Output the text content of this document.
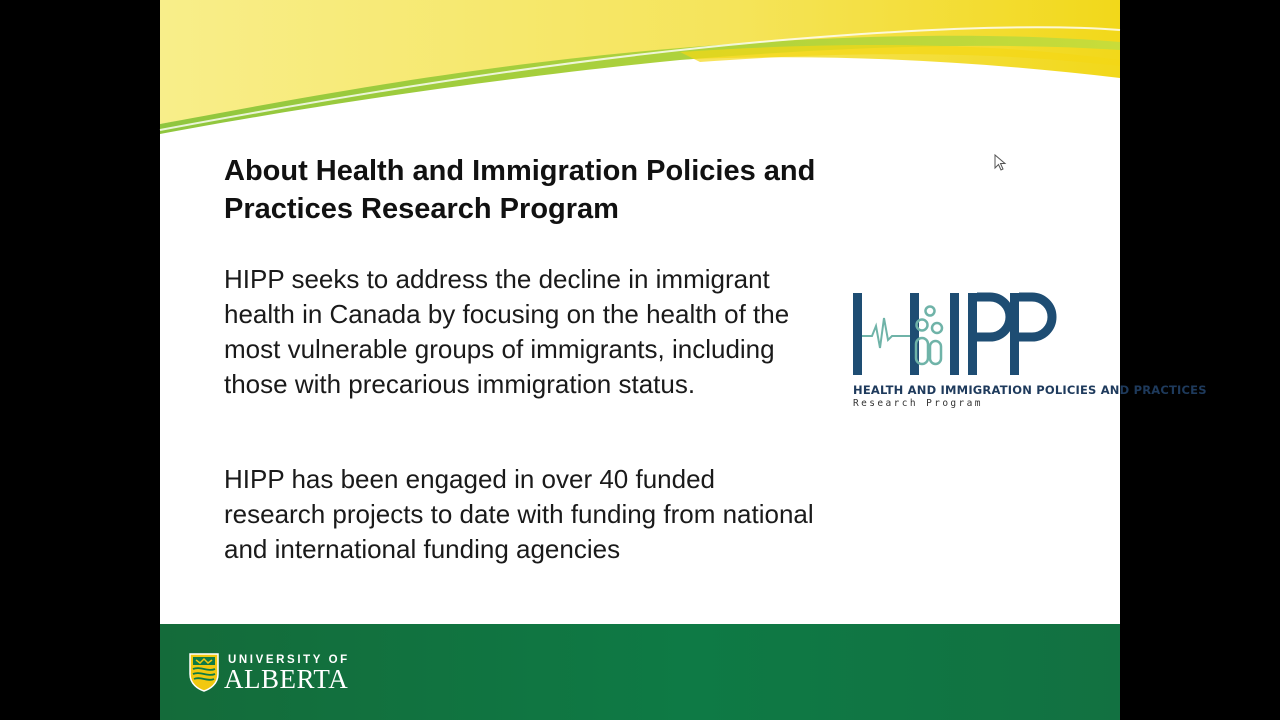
About Health and Immigration Policies and Practices Research Program

HIPP seeks to address the decline in immigrant health in Canada by focusing on the health of the most vulnerable groups of immigrants, including those with precarious immigration status.

HIPP has been engaged in over 40 funded research projects to date with funding from national and international funding agencies

HEALTH AND IMMIGRATION POLICIES AND PRACTICES
Research Program
UNIVERSITY OF
ALBERTA
